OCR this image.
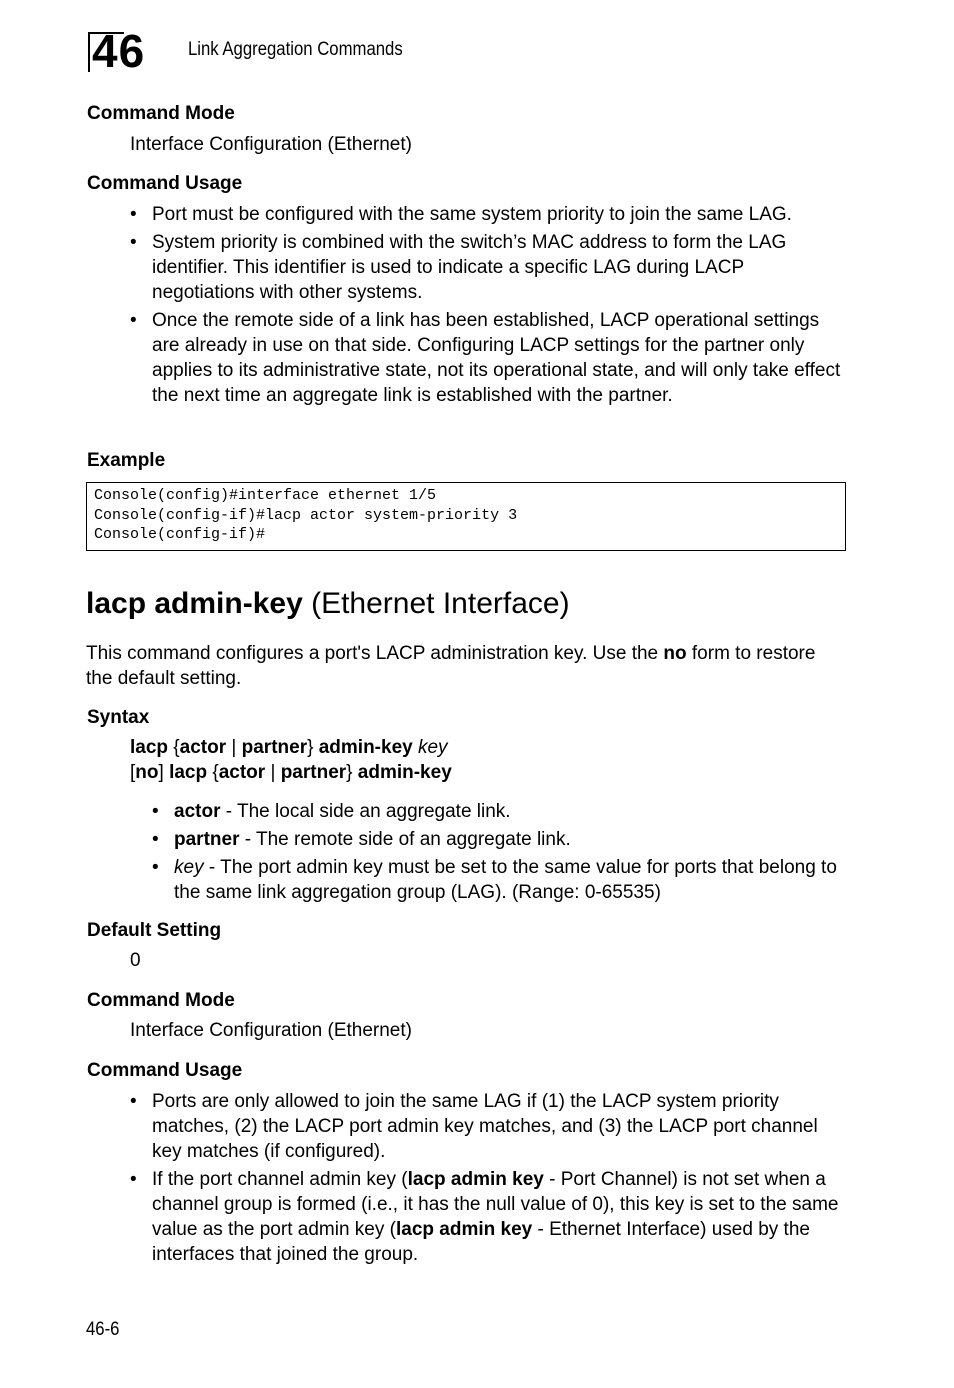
46 Link Aggregation Commands
Command Mode
Interface Configuration (Ethernet)
Command Usage
• Port must be configured with the same system priority to join the same LAG.
• System priority is combined with the switch’s MAC address to form the LAG identifier. This identifier is used to indicate a specific LAG during LACP negotiations with other systems.
• Once the remote side of a link has been established, LACP operational settings are already in use on that side. Configuring LACP settings for the partner only applies to its administrative state, not its operational state, and will only take effect the next time an aggregate link is established with the partner.
Example
Console(config)#interface ethernet 1/5
Console(config-if)#lacp actor system-priority 3
Console(config-if)#
lacp admin-key (Ethernet Interface)
This command configures a port's LACP administration key. Use the no form to restore the default setting.
Syntax
lacp {actor | partner} admin-key key
[no] lacp {actor | partner} admin-key
• actor - The local side an aggregate link.
• partner - The remote side of an aggregate link.
• key - The port admin key must be set to the same value for ports that belong to the same link aggregation group (LAG). (Range: 0-65535)
Default Setting
0
Command Mode
Interface Configuration (Ethernet)
Command Usage
• Ports are only allowed to join the same LAG if (1) the LACP system priority matches, (2) the LACP port admin key matches, and (3) the LACP port channel key matches (if configured).
• If the port channel admin key (lacp admin key - Port Channel) is not set when a channel group is formed (i.e., it has the null value of 0), this key is set to the same value as the port admin key (lacp admin key - Ethernet Interface) used by the interfaces that joined the group.
46-6
